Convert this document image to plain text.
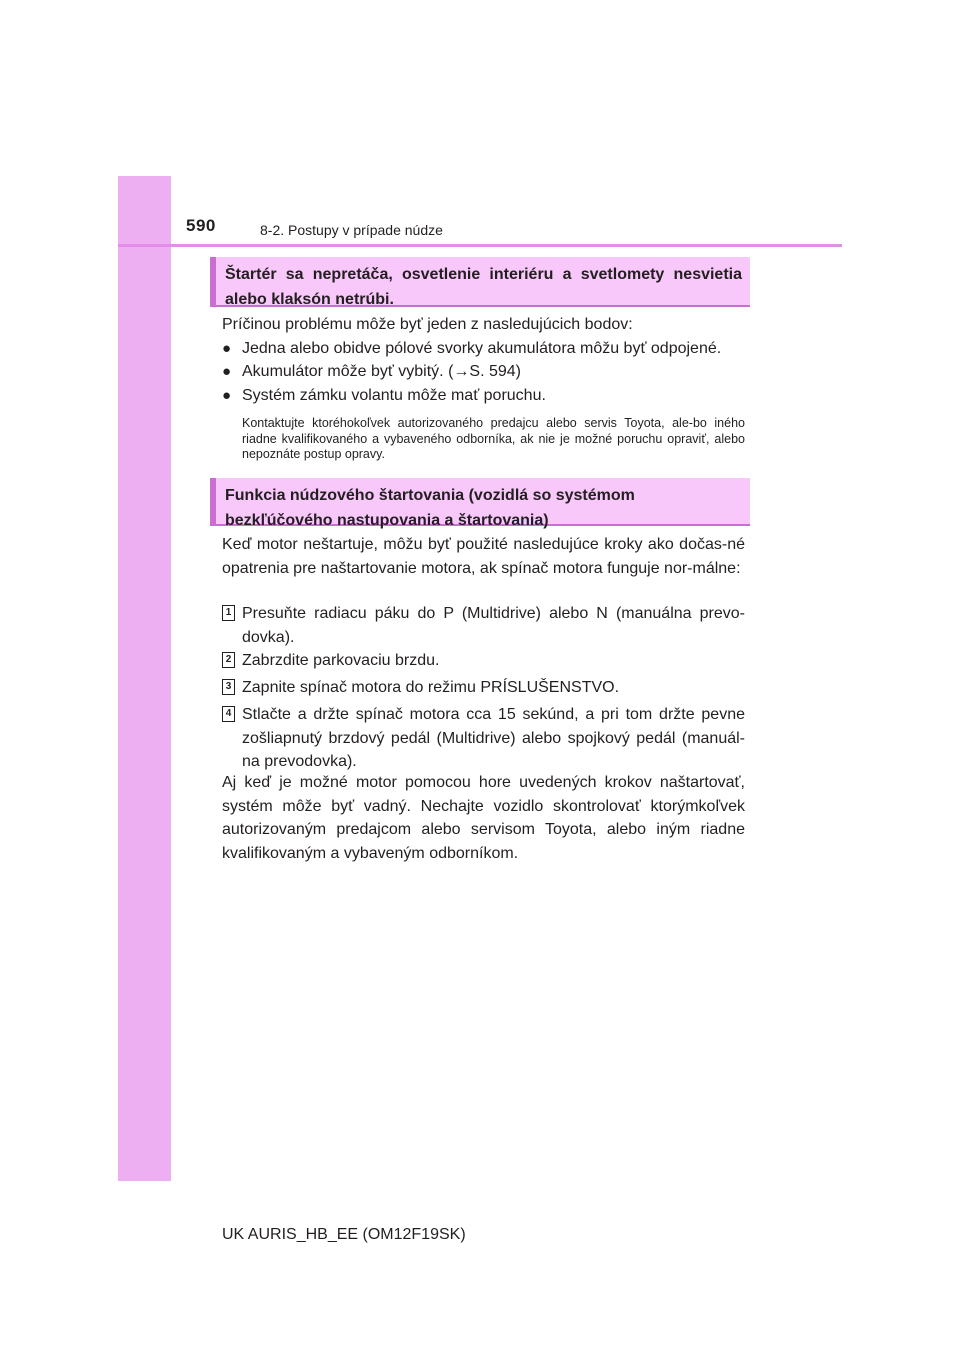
590	8-2. Postupy v prípade núdze
Štartér sa nepretáča, osvetlenie interiéru a svetlomety nesvietia
alebo klaksón netrúbi.
Príčinou problému môže byť jeden z nasledujúcich bodov:
● Jedna alebo obidve pólové svorky akumulátora môžu byť odpojené.
● Akumulátor môže byť vybitý. (→S. 594)
● Systém zámku volantu môže mať poruchu.
Kontaktujte ktoréhokoľvek autorizovaného predajcu alebo servis Toyota, ale-bo iného riadne kvalifikovaného a vybaveného odborníka, ak nie je možné poruchu opraviť, alebo nepoznáte postup opravy.
Funkcia núdzového štartovania (vozidlá so systémom
bezkľúčového nastupovania a štartovania)
Keď motor neštartuje, môžu byť použité nasledujúce kroky ako dočas-né opatrenia pre naštartovanie motora, ak spínač motora funguje nor-málne:
1 Presuňte radiacu páku do P (Multidrive) alebo N (manuálna prevo-dovka).
2 Zabrzdite parkovaciu brzdu.
3 Zapnite spínač motora do režimu PRÍSLUŠENSTVO.
4 Stlačte a držte spínač motora cca 15 sekúnd, a pri tom držte pevne zošliapnutý brzdový pedál (Multidrive) alebo spojkový pedál (manuál-na prevodovka).
Aj keď je možné motor pomocou hore uvedených krokov naštartovať, systém môže byť vadný. Nechajte vozidlo skontrolovať ktorýmkoľvek autorizovaným predajcom alebo servisom Toyota, alebo iným riadne kvalifikovaným a vybaveným odborníkom.
UK AURIS_HB_EE (OM12F19SK)
